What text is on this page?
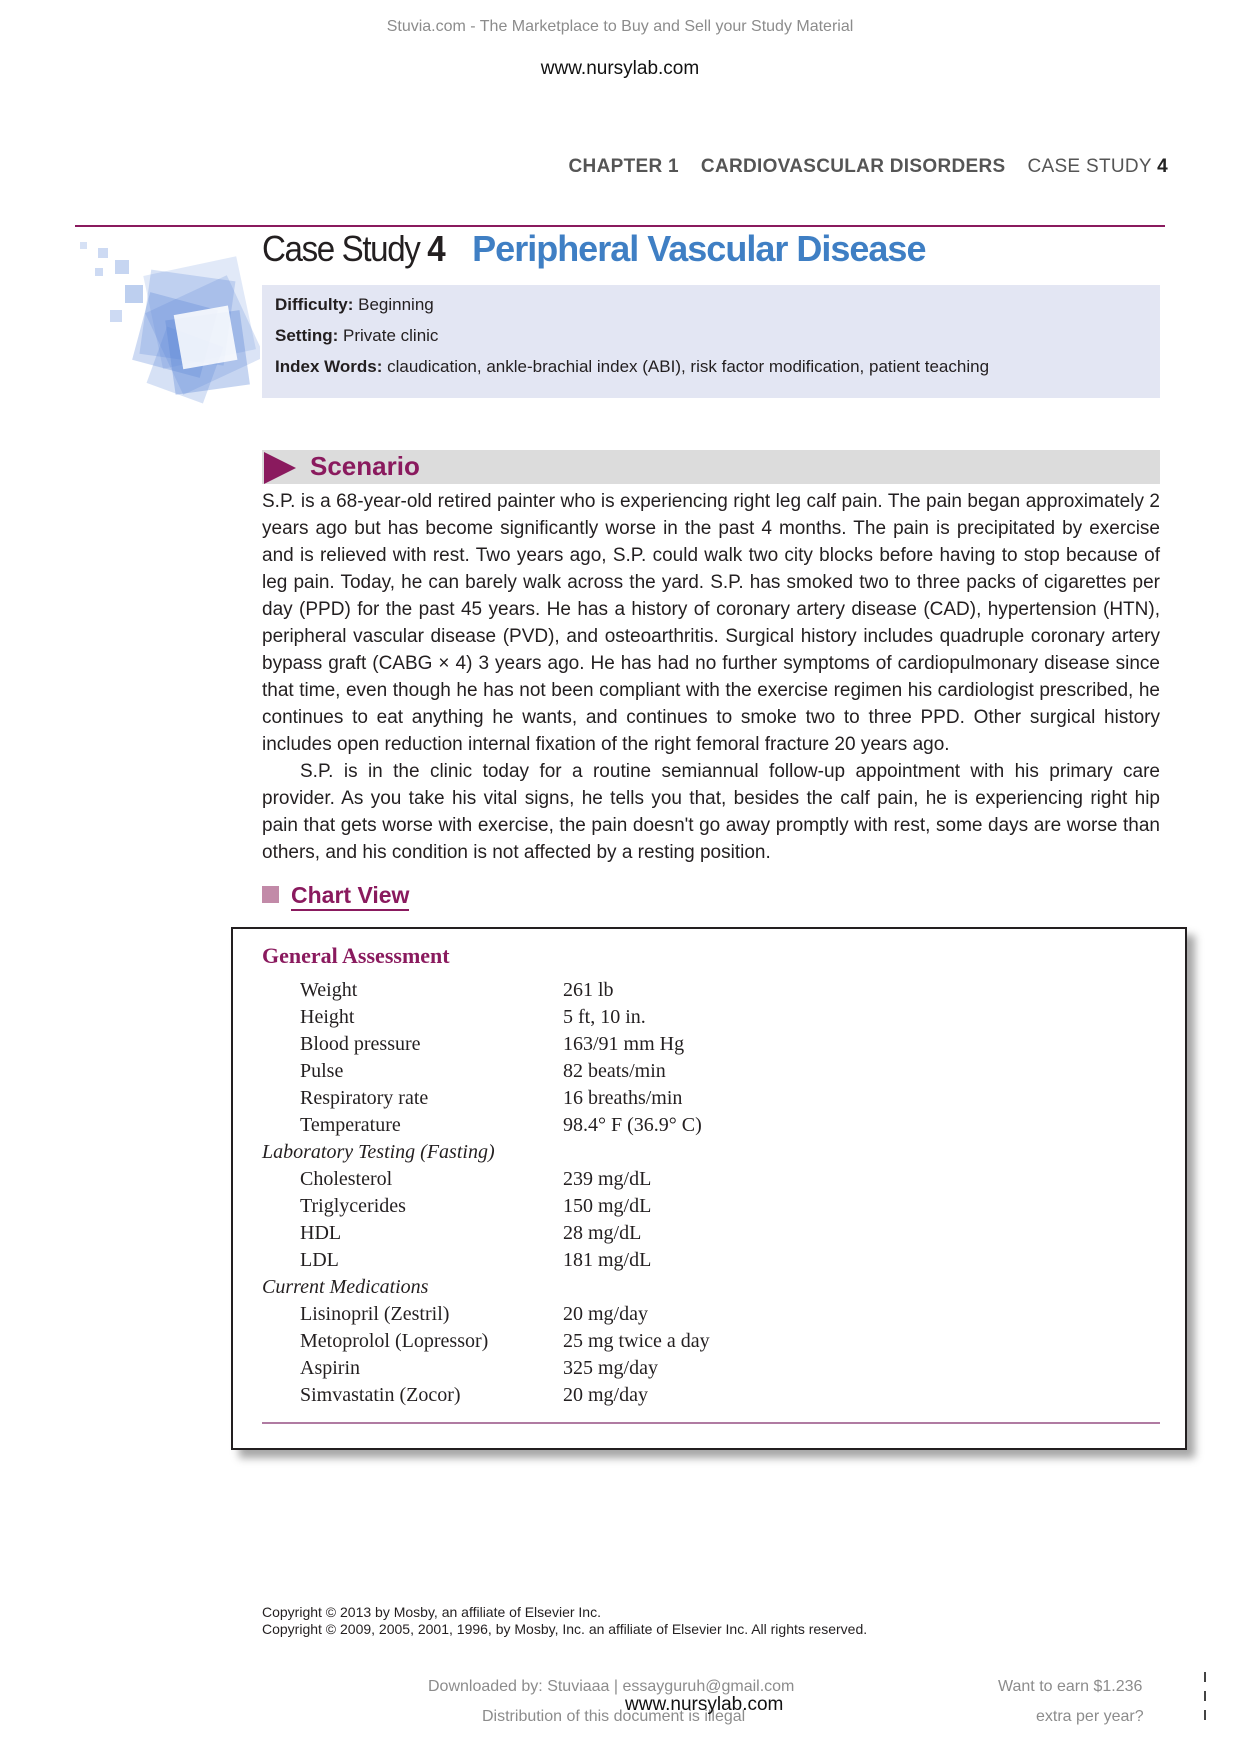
Stuvia.com - The Marketplace to Buy and Sell your Study Material
www.nursylab.com
CHAPTER 1 CARDIOVASCULAR DISORDERS CASE STUDY 4
Case Study 4 Peripheral Vascular Disease
Difficulty: Beginning
Setting: Private clinic
Index Words: claudication, ankle-brachial index (ABI), risk factor modification, patient teaching
Scenario

S.P. is a 68-year-old retired painter who is experiencing right leg calf pain. The pain began approximately 2 years ago but has become significantly worse in the past 4 months. The pain is precipitated by exercise and is relieved with rest. Two years ago, S.P. could walk two city blocks before having to stop because of leg pain. Today, he can barely walk across the yard. S.P. has smoked two to three packs of cigarettes per day (PPD) for the past 45 years. He has a history of coronary artery disease (CAD), hypertension (HTN), peripheral vascular disease (PVD), and osteoarthritis. Surgical history includes quadruple coronary artery bypass graft (CABG × 4) 3 years ago. He has had no further symptoms of cardiopulmonary disease since that time, even though he has not been compliant with the exercise regimen his cardiologist prescribed, he continues to eat anything he wants, and continues to smoke two to three PPD. Other surgical history includes open reduction internal fixation of the right femoral fracture 20 years ago.

S.P. is in the clinic today for a routine semiannual follow-up appointment with his primary care provider. As you take his vital signs, he tells you that, besides the calf pain, he is experiencing right hip pain that gets worse with exercise, the pain doesn't go away promptly with rest, some days are worse than others, and his condition is not affected by a resting position.

Chart View
General Assessment
Weight	261 lb
Height	5 ft, 10 in.
Blood pressure	163/91 mm Hg
Pulse	82 beats/min
Respiratory rate	16 breaths/min
Temperature	98.4° F (36.9° C)
Laboratory Testing (Fasting)
Cholesterol	239 mg/dL
Triglycerides	150 mg/dL
HDL	28 mg/dL
LDL	181 mg/dL
Current Medications
Lisinopril (Zestril)	20 mg/day
Metoprolol (Lopressor)	25 mg twice a day
Aspirin	325 mg/day
Simvastatin (Zocor)	20 mg/day
Copyright © 2013 by Mosby, an affiliate of Elsevier Inc.
Copyright © 2009, 2005, 2001, 1996, by Mosby, Inc. an affiliate of Elsevier Inc. All rights reserved.
Downloaded by: Stuviaaa | essayguruh@gmail.com
Distribution of this document is illegal
www.nursylab.com
Want to earn $1.236
extra per year?
